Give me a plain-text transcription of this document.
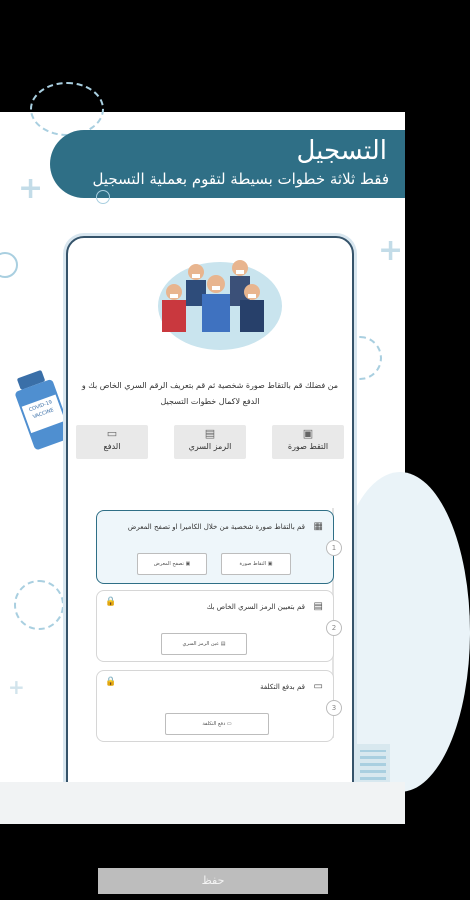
+
+
+
COVID-19 VACCINE
التسجيل
فقط ثلاثة خطوات بسيطة لتقوم بعملية التسجيل
من فضلك قم بالتقاط صورة شخصية ثم قم بتعريف الرقم السري الخاص بك و الدفع لاكمال خطوات التسجيل
▣
التقط صورة
▤
الرمز السري
▭
الدفع
▦
قم بالتقاط صورة شخصية من خلال الكاميرا او تصفح المعرض
التقاط صورة ▣
تصفح المعرض ▣
1
🔒	▤
قم بتعيين الرمز السري الخاص بك
عين الرمز السري ▤
2
🔒	▭
قم بدفع التكلفة
دفع التكلفة ▭
3
حفظ
